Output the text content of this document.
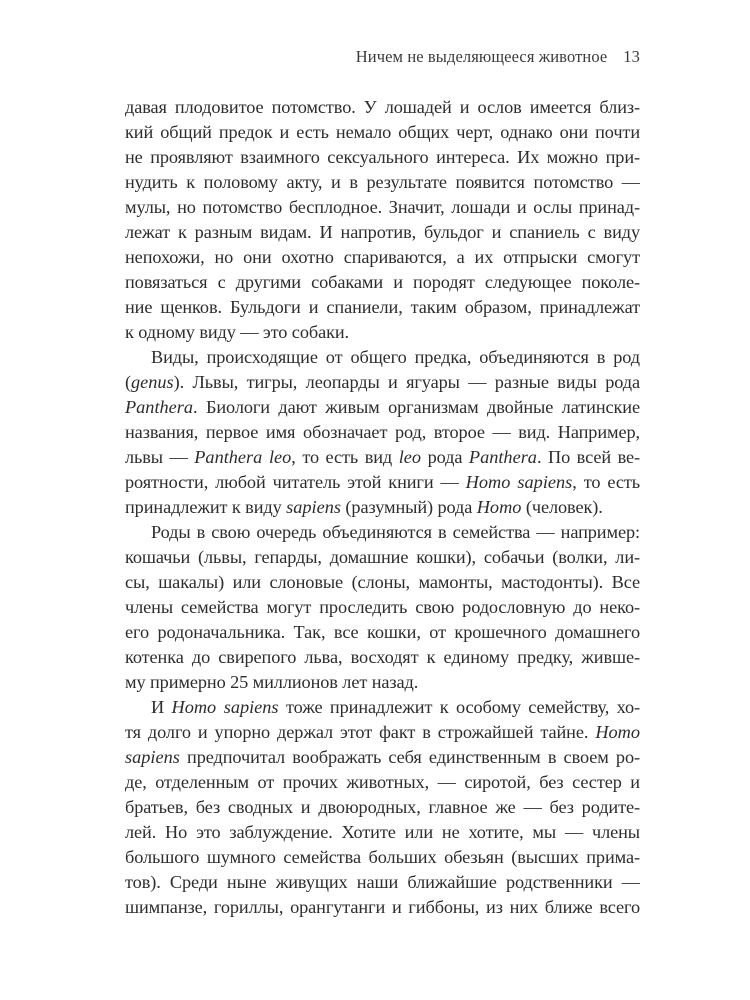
Ничем не выделяющееся животное 13
давая плодовитое потомство. У лошадей и ослов имеется близ-
кий общий предок и есть немало общих черт, однако они почти
не проявляют взаимного сексуального интереса. Их можно при-
нудить к половому акту, и в результате появится потомство —
мулы, но потомство бесплодное. Значит, лошади и ослы принад-
лежат к разным видам. И напротив, бульдог и спаниель с виду
непохожи, но они охотно спариваются, а их отпрыски смогут
повязаться с другими собаками и породят следующее поколе-
ние щенков. Бульдоги и спаниели, таким образом, принадлежат
к одному виду — это собаки.
Виды, происходящие от общего предка, объединяются в род
(genus). Львы, тигры, леопарды и ягуары — разные виды рода
Panthera. Биологи дают живым организмам двойные латинские
названия, первое имя обозначает род, второе — вид. Например,
львы — Panthera leo, то есть вид leo рода Panthera. По всей ве-
роятности, любой читатель этой книги — Homo sapiens, то есть
принадлежит к виду sapiens (разумный) рода Homo (человек).
Роды в свою очередь объединяются в семейства — например:
кошачьи (львы, гепарды, домашние кошки), собачьи (волки, ли-
сы, шакалы) или слоновые (слоны, мамонты, мастодонты). Все
члены семейства могут проследить свою родословную до неко-
его родоначальника. Так, все кошки, от крошечного домашнего
котенка до свирепого льва, восходят к единому предку, живше-
му примерно 25 миллионов лет назад.
И Homo sapiens тоже принадлежит к особому семейству, хо-
тя долго и упорно держал этот факт в строжайшей тайне. Homo
sapiens предпочитал воображать себя единственным в своем ро-
де, отделенным от прочих животных, — сиротой, без сестер и
братьев, без сводных и двоюродных, главное же — без родите-
лей. Но это заблуждение. Хотите или не хотите, мы — члены
большого шумного семейства больших обезьян (высших прима-
тов). Среди ныне живущих наши ближайшие родственники —
шимпанзе, гориллы, орангутанги и гиббоны, из них ближе всего
